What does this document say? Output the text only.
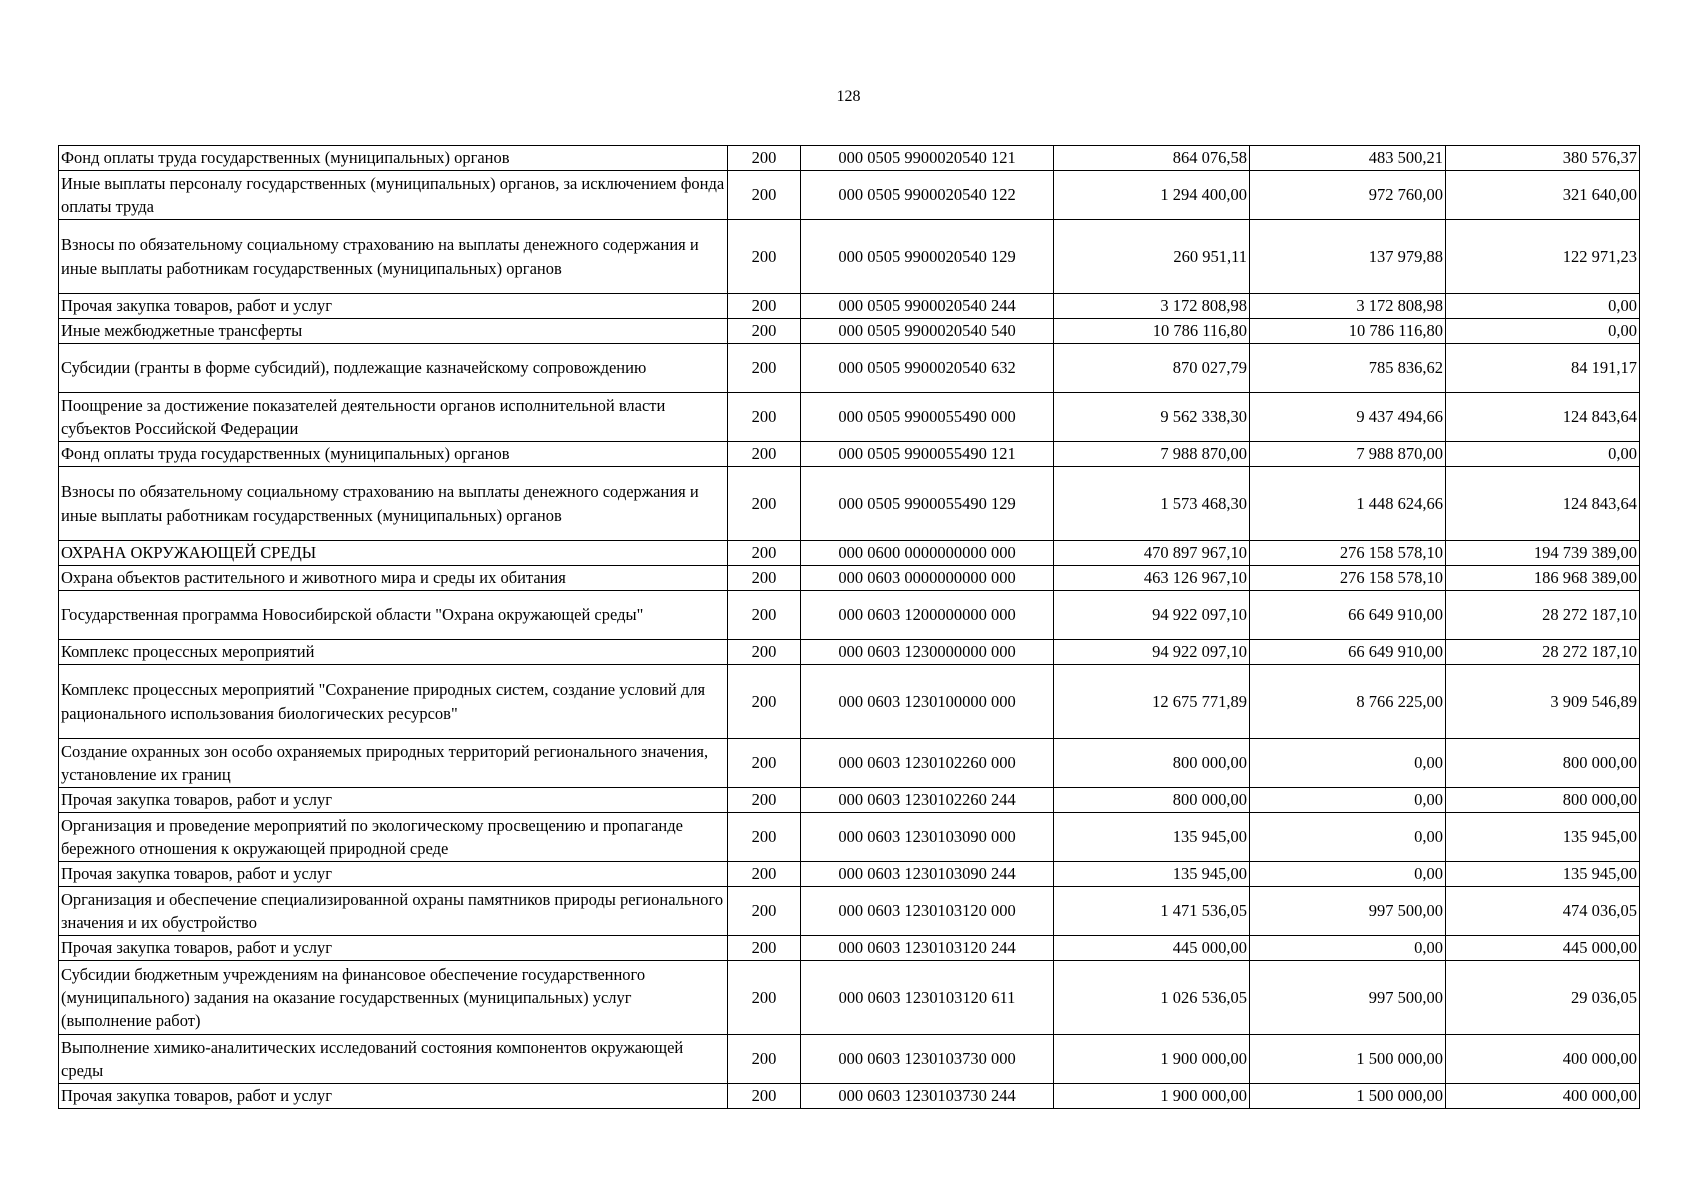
128
Фонд оплаты труда государственных (муниципальных) органов	200	000 0505 9900020540 121	864 076,58	483 500,21	380 576,37
Иные выплаты персоналу государственных (муниципальных) органов, за исключением фонда оплаты труда	200	000 0505 9900020540 122	1 294 400,00	972 760,00	321 640,00
Взносы по обязательному социальному страхованию на выплаты денежного содержания и иные выплаты работникам государственных (муниципальных) органов	200	000 0505 9900020540 129	260 951,11	137 979,88	122 971,23
Прочая закупка товаров, работ и услуг	200	000 0505 9900020540 244	3 172 808,98	3 172 808,98	0,00
Иные межбюджетные трансферты	200	000 0505 9900020540 540	10 786 116,80	10 786 116,80	0,00
Субсидии (гранты в форме субсидий), подлежащие казначейскому сопровождению	200	000 0505 9900020540 632	870 027,79	785 836,62	84 191,17
Поощрение за достижение показателей деятельности органов исполнительной власти субъектов Российской Федерации	200	000 0505 9900055490 000	9 562 338,30	9 437 494,66	124 843,64
Фонд оплаты труда государственных (муниципальных) органов	200	000 0505 9900055490 121	7 988 870,00	7 988 870,00	0,00
Взносы по обязательному социальному страхованию на выплаты денежного содержания и иные выплаты работникам государственных (муниципальных) органов	200	000 0505 9900055490 129	1 573 468,30	1 448 624,66	124 843,64
ОХРАНА ОКРУЖАЮЩЕЙ СРЕДЫ	200	000 0600 0000000000 000	470 897 967,10	276 158 578,10	194 739 389,00
Охрана объектов растительного и животного мира и среды их обитания	200	000 0603 0000000000 000	463 126 967,10	276 158 578,10	186 968 389,00
Государственная программа Новосибирской области "Охрана окружающей среды"	200	000 0603 1200000000 000	94 922 097,10	66 649 910,00	28 272 187,10
Комплекс процессных мероприятий	200	000 0603 1230000000 000	94 922 097,10	66 649 910,00	28 272 187,10
Комплекс процессных мероприятий "Сохранение природных систем, создание условий для рационального использования биологических ресурсов"	200	000 0603 1230100000 000	12 675 771,89	8 766 225,00	3 909 546,89
Создание охранных зон особо охраняемых природных территорий регионального значения, установление их границ	200	000 0603 1230102260 000	800 000,00	0,00	800 000,00
Прочая закупка товаров, работ и услуг	200	000 0603 1230102260 244	800 000,00	0,00	800 000,00
Организация и проведение мероприятий по экологическому просвещению и пропаганде бережного отношения к окружающей природной среде	200	000 0603 1230103090 000	135 945,00	0,00	135 945,00
Прочая закупка товаров, работ и услуг	200	000 0603 1230103090 244	135 945,00	0,00	135 945,00
Организация и обеспечение специализированной охраны памятников природы регионального значения и их обустройство	200	000 0603 1230103120 000	1 471 536,05	997 500,00	474 036,05
Прочая закупка товаров, работ и услуг	200	000 0603 1230103120 244	445 000,00	0,00	445 000,00
Субсидии бюджетным учреждениям на финансовое обеспечение государственного (муниципального) задания на оказание государственных (муниципальных) услуг (выполнение работ)	200	000 0603 1230103120 611	1 026 536,05	997 500,00	29 036,05
Выполнение химико-аналитических исследований состояния компонентов окружающей среды	200	000 0603 1230103730 000	1 900 000,00	1 500 000,00	400 000,00
Прочая закупка товаров, работ и услуг	200	000 0603 1230103730 244	1 900 000,00	1 500 000,00	400 000,00
